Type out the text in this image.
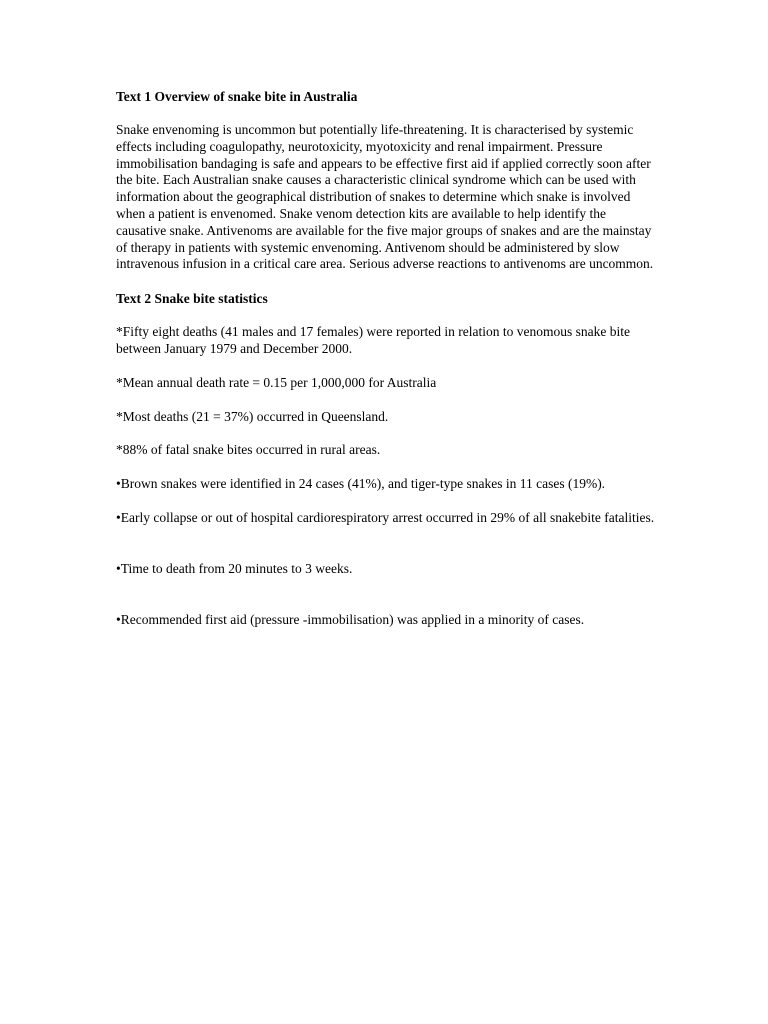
Text 1 Overview of snake bite in Australia

Snake envenoming is uncommon but potentially life-threatening. It is characterised by systemic effects including coagulopathy, neurotoxicity, myotoxicity and renal impairment. Pressure immobilisation bandaging is safe and appears to be effective first aid if applied correctly soon after the bite. Each Australian snake causes a characteristic clinical syndrome which can be used with information about the geographical distribution of snakes to determine which snake is involved when a patient is envenomed. Snake venom detection kits are available to help identify the causative snake. Antivenoms are available for the five major groups of snakes and are the mainstay of therapy in patients with systemic envenoming. Antivenom should be administered by slow intravenous infusion in a critical care area. Serious adverse reactions to antivenoms are uncommon.

Text 2 Snake bite statistics

*Fifty eight deaths (41 males and 17 females) were reported in relation to venomous snake bite between January 1979 and December 2000.

*Mean annual death rate = 0.15 per 1,000,000 for Australia

*Most deaths (21 = 37%) occurred in Queensland.

*88% of fatal snake bites occurred in rural areas.

•Brown snakes were identified in 24 cases (41%), and tiger-type snakes in 11 cases (19%).

•Early collapse or out of hospital cardiorespiratory arrest occurred in 29% of all snakebite fatalities.

•Time to death from 20 minutes to 3 weeks.

•Recommended first aid (pressure -immobilisation) was applied in a minority of cases.
